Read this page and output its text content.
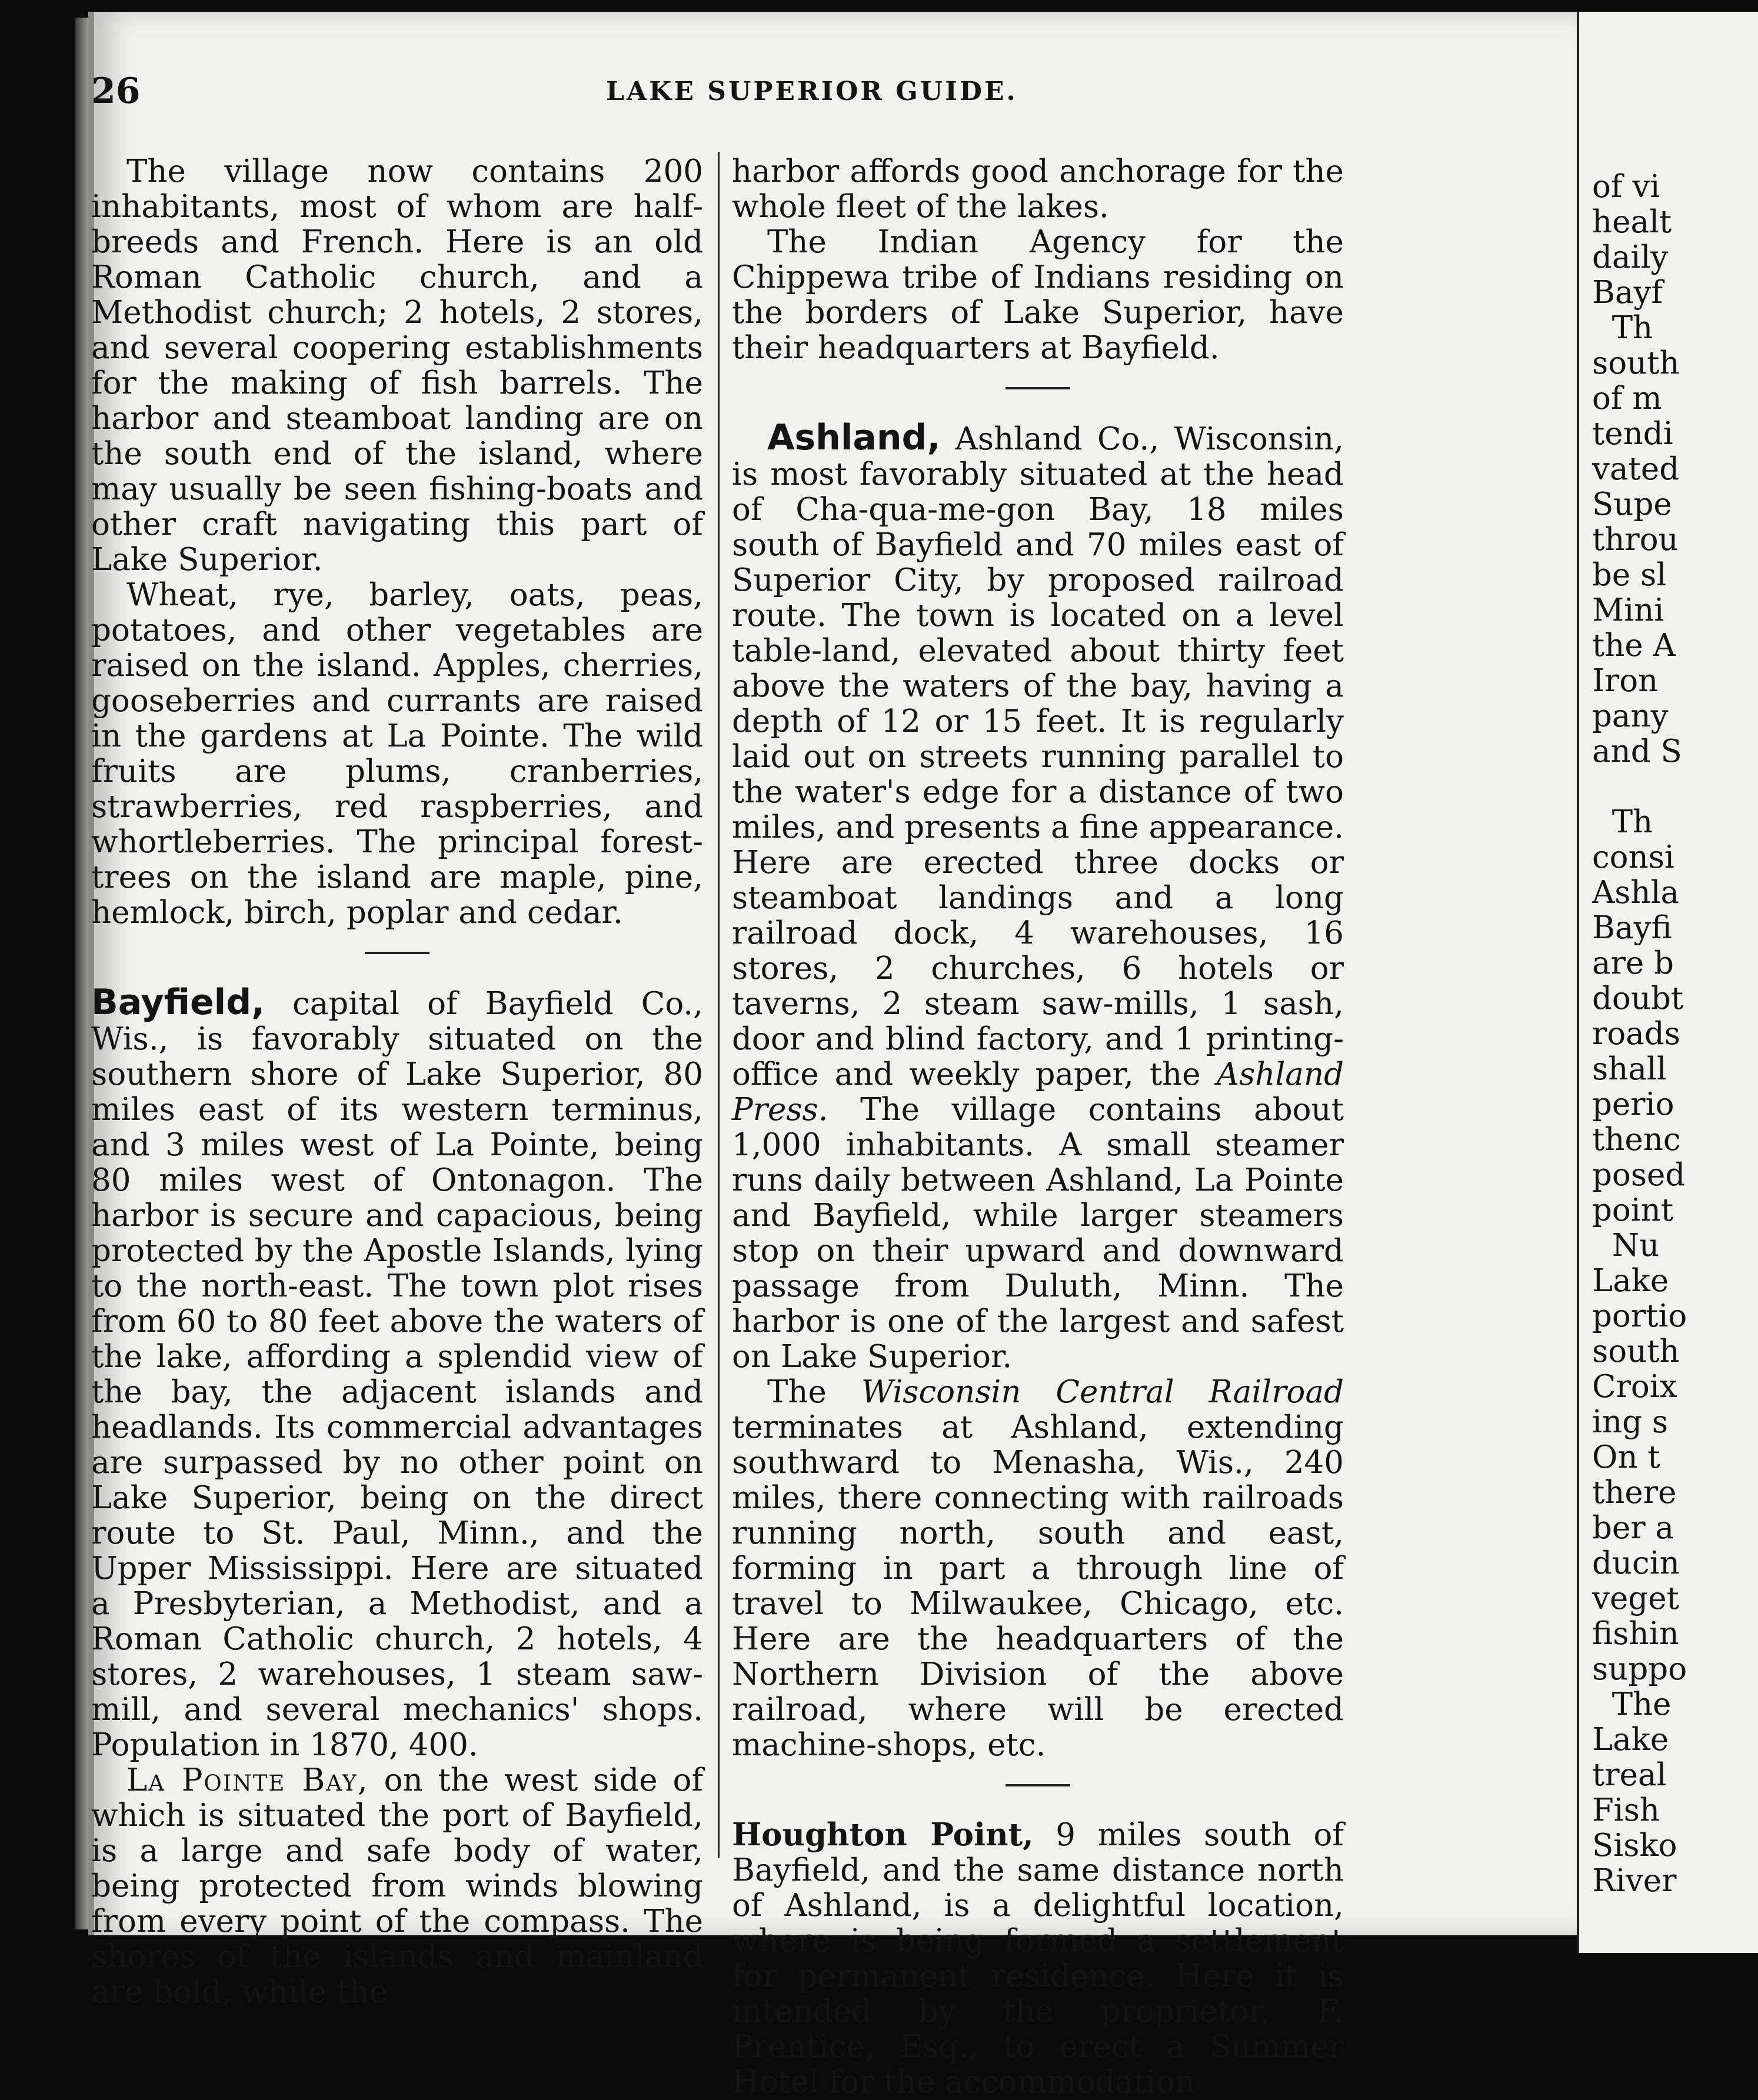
26	LAKE SUPERIOR GUIDE.

The village now contains 200 inhabitants, most of whom are half-breeds and French. Here is an old Roman Catholic church, and a Methodist church; 2 hotels, 2 stores, and several coopering establishments for the making of fish barrels. The harbor and steamboat landing are on the south end of the island, where may usually be seen fishing-boats and other craft navigating this part of Lake Superior.

Wheat, rye, barley, oats, peas, potatoes, and other vegetables are raised on the island. Apples, cherries, gooseberries and currants are raised in the gardens at La Pointe. The wild fruits are plums, cranberries, strawberries, red raspberries, and whortleberries. The principal forest-trees on the island are maple, pine, hemlock, birch, poplar and cedar.

Bayfield, capital of Bayfield Co., Wis., is favorably situated on the southern shore of Lake Superior, 80 miles east of its western terminus, and 3 miles west of La Pointe, being 80 miles west of Ontonagon. The harbor is secure and capacious, being protected by the Apostle Islands, lying to the north-east. The town plot rises from 60 to 80 feet above the waters of the lake, affording a splendid view of the bay, the adjacent islands and headlands. Its commercial advantages are surpassed by no other point on Lake Superior, being on the direct route to St. Paul, Minn., and the Upper Mississippi. Here are situated a Presbyterian, a Methodist, and a Roman Catholic church, 2 hotels, 4 stores, 2 warehouses, 1 steam saw-mill, and several mechanics' shops. Population in 1870, 400.

La Pointe Bay, on the west side of which is situated the port of Bayfield, is a large and safe body of water, being protected from winds blowing from every point of the compass. The shores of the islands and mainland are bold, while the

harbor affords good anchorage for the whole fleet of the lakes.

The Indian Agency for the Chippewa tribe of Indians residing on the borders of Lake Superior, have their headquarters at Bayfield.

Ashland, Ashland Co., Wisconsin, is most favorably situated at the head of Cha-qua-me-gon Bay, 18 miles south of Bayfield and 70 miles east of Superior City, by proposed railroad route. The town is located on a level table-land, elevated about thirty feet above the waters of the bay, having a depth of 12 or 15 feet. It is regularly laid out on streets running parallel to the water's edge for a distance of two miles, and presents a fine appearance. Here are erected three docks or steamboat landings and a long railroad dock, 4 warehouses, 16 stores, 2 churches, 6 hotels or taverns, 2 steam saw-mills, 1 sash, door and blind factory, and 1 printing-office and weekly paper, the Ashland Press. The village contains about 1,000 inhabitants. A small steamer runs daily between Ashland, La Pointe and Bayfield, while larger steamers stop on their upward and downward passage from Duluth, Minn. The harbor is one of the largest and safest on Lake Superior.

The Wisconsin Central Railroad terminates at Ashland, extending southward to Menasha, Wis., 240 miles, there connecting with railroads running north, south and east, forming in part a through line of travel to Milwaukee, Chicago, etc. Here are the headquarters of the Northern Division of the above railroad, where will be erected machine-shops, etc.

Houghton Point, 9 miles south of Bayfield, and the same distance north of Ashland, is a delightful location, where is being formed a settlement for permanent residence. Here it is intended by the proprietor, F. Prentice, Esq., to erect a Summer Hotel for the accommodation

of vi
healt
daily
Bayf
Th
south
of m
tendi
vated
Supe
throu
be sl
Mini
the A
Iron
pany
and S

Th
consi
Ashla
Bayfi
are b
doubt
roads
shall
perio
thenc
posed
point
Nu
Lake
portio
south
Croix
ing s
On t
there
ber a
ducin
veget
fishin
suppo
The
Lake
treal
Fish
Sisko
River
